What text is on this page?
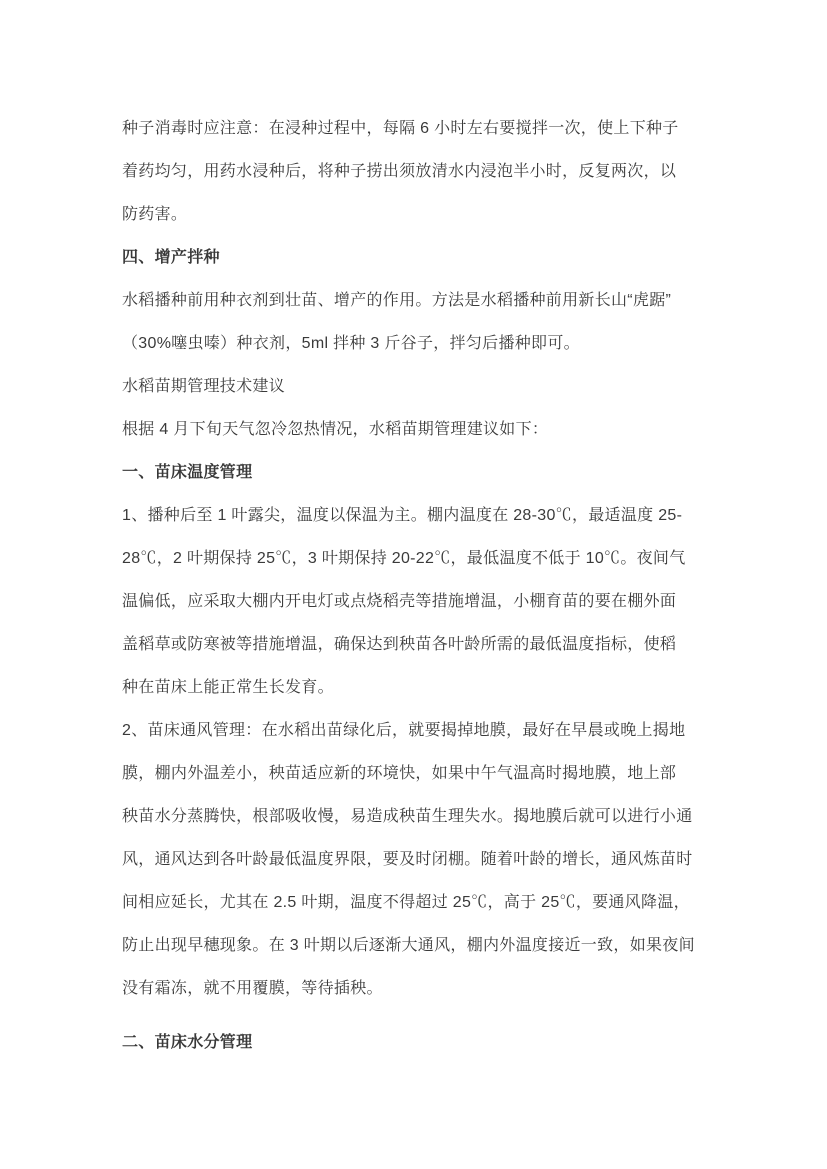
种子消毒时应注意：在浸种过程中，每隔 6 小时左右要搅拌一次，使上下种子
着药均匀，用药水浸种后，将种子捞出须放清水内浸泡半小时，反复两次，以
防药害。
四、增产拌种
水稻播种前用种衣剂到壮苗、增产的作用。方法是水稻播种前用新长山“虎踞”
（30%噻虫嗪）种衣剂，5ml 拌种 3 斤谷子，拌匀后播种即可。
水稻苗期管理技术建议
根据 4 月下旬天气忽冷忽热情况，水稻苗期管理建议如下：
一、苗床温度管理
1、播种后至 1 叶露尖，温度以保温为主。棚内温度在 28-30℃，最适温度 25-
28℃，2 叶期保持 25℃，3 叶期保持 20-22℃，最低温度不低于 10℃。夜间气
温偏低，应采取大棚内开电灯或点烧稻壳等措施增温，小棚育苗的要在棚外面
盖稻草或防寒被等措施增温，确保达到秧苗各叶龄所需的最低温度指标，使稻
种在苗床上能正常生长发育。
2、苗床通风管理：在水稻出苗绿化后，就要揭掉地膜，最好在早晨或晚上揭地
膜，棚内外温差小，秧苗适应新的环境快，如果中午气温高时揭地膜，地上部
秧苗水分蒸腾快，根部吸收慢，易造成秧苗生理失水。揭地膜后就可以进行小通
风，通风达到各叶龄最低温度界限，要及时闭棚。随着叶龄的增长，通风炼苗时
间相应延长，尤其在 2.5 叶期，温度不得超过 25℃，高于 25℃，要通风降温，
防止出现早穗现象。在 3 叶期以后逐渐大通风，棚内外温度接近一致，如果夜间
没有霜冻，就不用覆膜，等待插秧。
二、苗床水分管理
